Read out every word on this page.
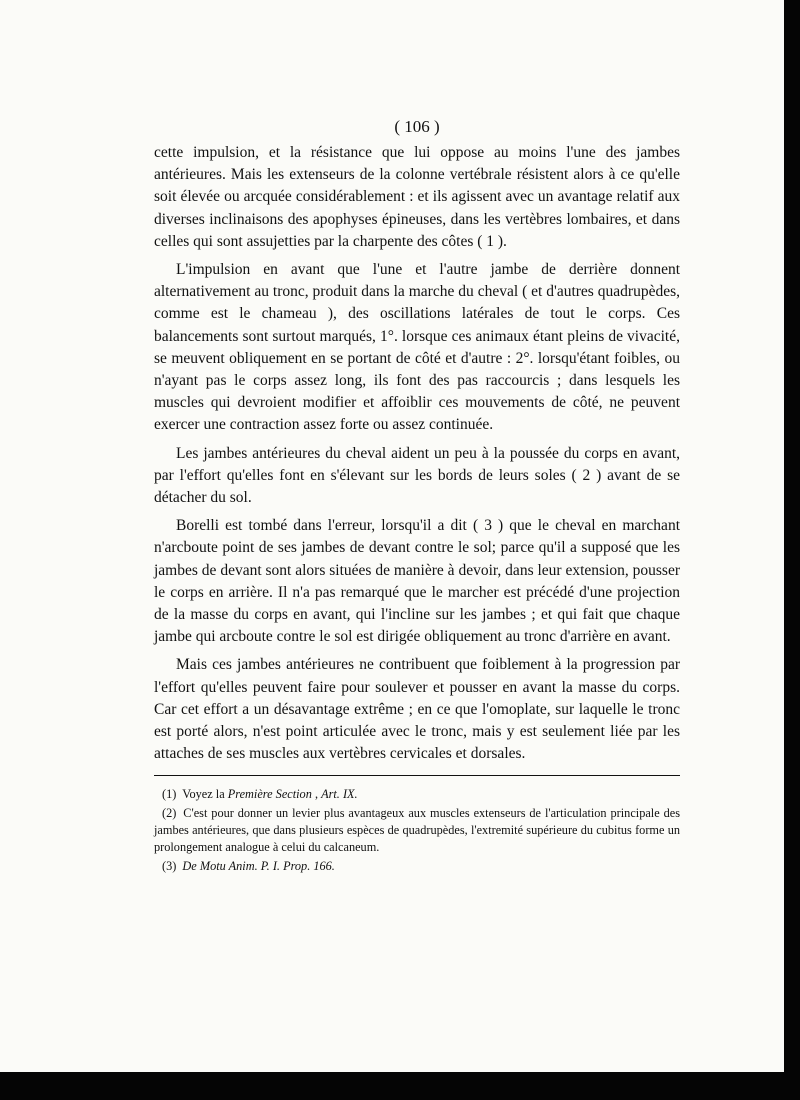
( 106 )

cette impulsion, et la résistance que lui oppose au moins l'une des jambes antérieures. Mais les extenseurs de la colonne vertébrale résistent alors à ce qu'elle soit élevée ou arcquée considérablement : et ils agissent avec un avantage relatif aux diverses inclinaisons des apophyses épineuses, dans les vertèbres lombaires, et dans celles qui sont assujetties par la charpente des côtes ( 1 ).

L'impulsion en avant que l'une et l'autre jambe de derrière donnent alternativement au tronc, produit dans la marche du cheval ( et d'autres quadrupèdes, comme est le chameau ), des oscillations latérales de tout le corps. Ces balancements sont surtout marqués, 1°. lorsque ces animaux étant pleins de vivacité, se meuvent obliquement en se portant de côté et d'autre : 2°. lorsqu'étant foibles, ou n'ayant pas le corps assez long, ils font des pas raccourcis ; dans lesquels les muscles qui devroient modifier et affoiblir ces mouvements de côté, ne peuvent exercer une contraction assez forte ou assez continuée.

Les jambes antérieures du cheval aident un peu à la poussée du corps en avant, par l'effort qu'elles font en s'élevant sur les bords de leurs soles ( 2 ) avant de se détacher du sol.

Borelli est tombé dans l'erreur, lorsqu'il a dit ( 3 ) que le cheval en marchant n'arcboute point de ses jambes de devant contre le sol; parce qu'il a supposé que les jambes de devant sont alors situées de manière à devoir, dans leur extension, pousser le corps en arrière. Il n'a pas remarqué que le marcher est précédé d'une projection de la masse du corps en avant, qui l'incline sur les jambes ; et qui fait que chaque jambe qui arcboute contre le sol est dirigée obliquement au tronc d'arrière en avant.

Mais ces jambes antérieures ne contribuent que foiblement à la progression par l'effort qu'elles peuvent faire pour soulever et pousser en avant la masse du corps. Car cet effort a un désavantage extrême ; en ce que l'omoplate, sur laquelle le tronc est porté alors, n'est point articulée avec le tronc, mais y est seulement liée par les attaches de ses muscles aux vertèbres cervicales et dorsales.

(1) Voyez la Première Section , Art. IX.

(2) C'est pour donner un levier plus avantageux aux muscles extenseurs de l'articulation principale des jambes antérieures, que dans plusieurs espèces de quadrupèdes, l'extremité supérieure du cubitus forme un prolongement analogue à celui du calcaneum.

(3) De Motu Anim. P. I. Prop. 166.
